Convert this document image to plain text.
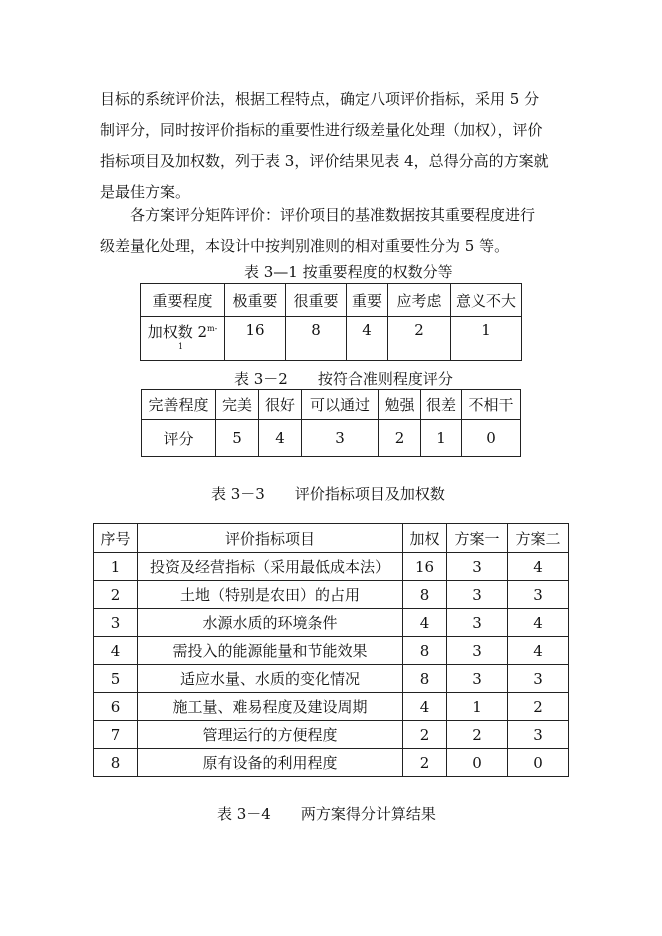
目标的系统评价法，根据工程特点，确定八项评价指标，采用 5 分
制评分，同时按评价指标的重要性进行级差量化处理（加权），评价
指标项目及加权数，列于表 3，评价结果见表 4，总得分高的方案就
是最佳方案。

各方案评分矩阵评价：评价项目的基准数据按其重要程度进行
级差量化处理，本设计中按判别准则的相对重要性分为 5 等。

表 3—1 按重要程度的权数分等
重要程度	极重要	很重要	重要	应考虑	意义不大
加权数 $2^{m-}$	16	8	4	2	1
1
表 3－2　　按符合准则程度评分
完善程度	完美	很好	可以通过	勉强	很差	不相干
评分	5	4	3	2	1	0
表 3－3　　评价指标项目及加权数
序号	评价指标项目	加权	方案一	方案二
1	投资及经营指标（采用最低成本法）	16	3	4
2	土地（特别是农田）的占用	8	3	3
3	水源水质的环境条件	4	3	4
4	需投入的能源能量和节能效果	8	3	4
5	适应水量、水质的变化情况	8	3	3
6	施工量、难易程度及建设周期	4	1	2
7	管理运行的方便程度	2	2	3
8	原有设备的利用程度	2	0	0
表 3－4　　两方案得分计算结果
